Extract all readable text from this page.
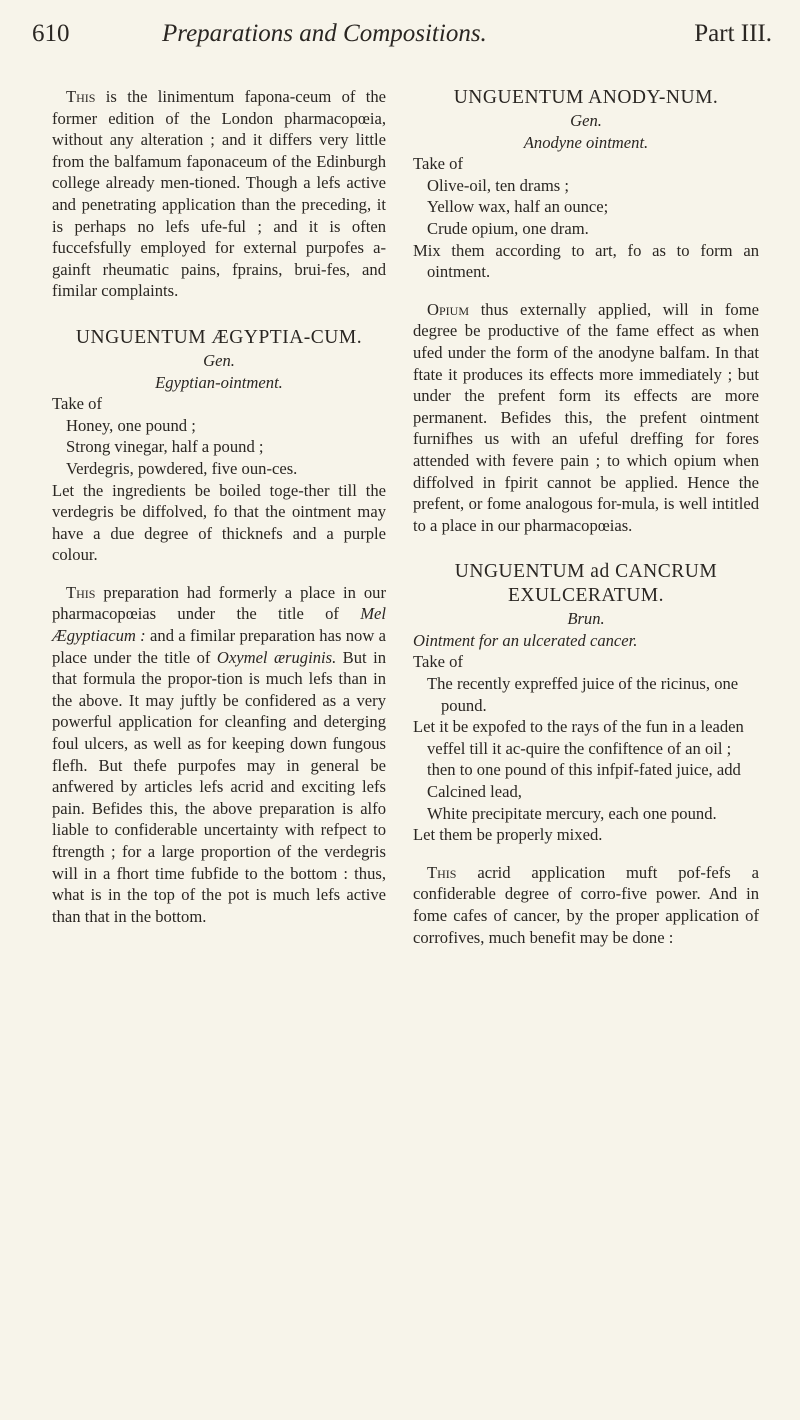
610	Preparations and Compositions.	Part III.

This is the linimentum fapona-ceum of the former edition of the London pharmacopœia, without any alteration ; and it differs very little from the balfamum faponaceum of the Edinburgh college already men-tioned. Though a lefs active and penetrating application than the preceding, it is perhaps no lefs ufe-ful ; and it is often fuccefsfully employed for external purpofes a-gainft rheumatic pains, fprains, brui-fes, and fimilar complaints.

UNGUENTUM ÆGYPTIA-CUM.
Gen.
Egyptian-ointment.
Take of
Honey, one pound ;
Strong vinegar, half a pound ;
Verdegris, powdered, five oun-ces.

Let the ingredients be boiled toge-ther till the verdegris be diffolved, fo that the ointment may have a due degree of thicknefs and a purple colour.

This preparation had formerly a place in our pharmacopœias under the title of Mel Ægyptiacum : and a fimilar preparation has now a place under the title of Oxymel æruginis. But in that formula the propor-tion is much lefs than in the above. It may juftly be confidered as a very powerful application for cleanfing and deterging foul ulcers, as well as for keeping down fungous flefh. But thefe purpofes may in general be anfwered by articles lefs acrid and exciting lefs pain. Befides this, the above preparation is alfo liable to confiderable uncertainty with refpect to ftrength ; for a large proportion of the verdegris will in a fhort time fubfide to the bottom : thus, what is in the top of the pot is much lefs active than that in the bottom.

UNGUENTUM ANODY-NUM.
Gen.
Anodyne ointment.
Take of
Olive-oil, ten drams ;
Yellow wax, half an ounce;
Crude opium, one dram.

Mix them according to art, fo as to form an ointment.

Opium thus externally applied, will in fome degree be productive of the fame effect as when ufed under the form of the anodyne balfam. In that ftate it produces its effects more immediately ; but under the prefent form its effects are more permanent. Befides this, the prefent ointment furnifhes us with an ufeful dreffing for fores attended with fevere pain ; to which opium when diffolved in fpirit cannot be applied. Hence the prefent, or fome analogous for-mula, is well intitled to a place in our pharmacopœias.

UNGUENTUM ad CANCRUM EXULCERATUM.
Brun.
Ointment for an ulcerated cancer.
Take of
The recently expreffed juice of the ricinus, one pound.
Let it be expofed to the rays of the fun in a leaden veffel till it ac-quire the confiftence of an oil ; then to one pound of this infpif-fated juice, add
Calcined lead,
White precipitate mercury, each one pound.
Let them be properly mixed.

This acrid application muft pof-fefs a confiderable degree of corro-five power. And in fome cafes of cancer, by the proper application of corrofives, much benefit may be done :
